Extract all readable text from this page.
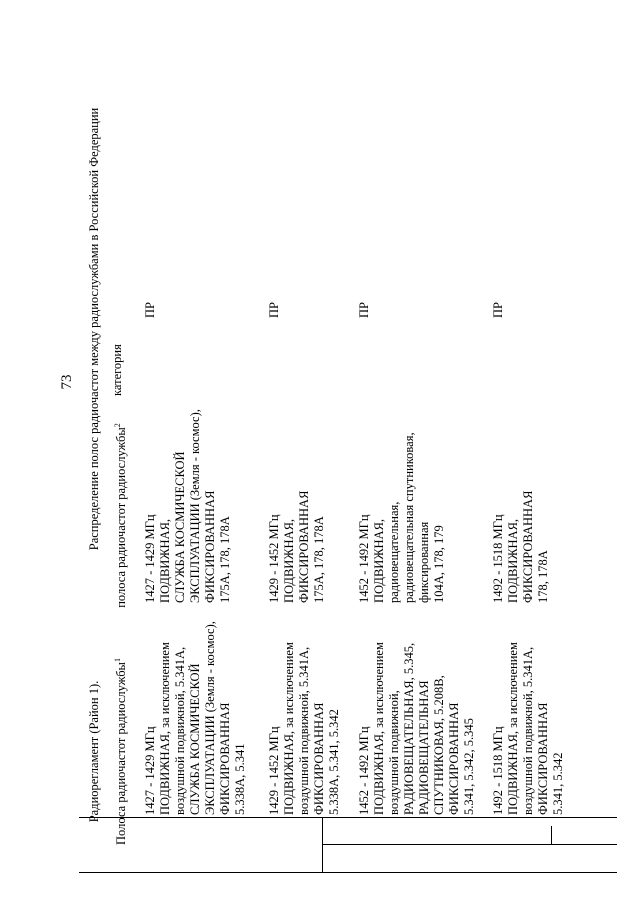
73
Радиорегламент (Район 1).	Полоса радиочастот радиослужбы$^1$
Распределение полос радиочастот между радиослужбами в Российской Федерации	полоса радиочастот радиослужбы$^2$
категория
1427 - 1429 МГц
ПОДВИЖНАЯ, за исключением
воздушной подвижной, 5.341А,
СЛУЖБА КОСМИЧЕСКОЙ
ЭКСПЛУАТАЦИИ (Земля - космос),
ФИКСИРОВАННАЯ
5.338А, 5.341
1427 - 1429 МГц
ПОДВИЖНАЯ,
СЛУЖБА КОСМИЧЕСКОЙ
ЭКСПЛУАТАЦИИ (Земля - космос),
ФИКСИРОВАННАЯ
175А, 178, 178А
ПР
1429 - 1452 МГц
ПОДВИЖНАЯ, за исключением
воздушной подвижной, 5.341А,
ФИКСИРОВАННАЯ
5.338А, 5.341, 5.342
1429 - 1452 МГц
ПОДВИЖНАЯ,
ФИКСИРОВАННАЯ
175А, 178, 178А
ПР
1452 - 1492 МГц
ПОДВИЖНАЯ, за исключением
воздушной подвижной,
РАДИОВЕЩАТЕЛЬНАЯ, 5.345,
РАДИОВЕЩАТЕЛЬНАЯ
СПУТНИКОВАЯ, 5.208В,
ФИКСИРОВАННАЯ
5.341, 5.342, 5.345
1452 - 1492 МГц
ПОДВИЖНАЯ,
радиовещательная,
радиовещательная спутниковая,
фиксированная
104А, 178, 179
ПР
1492 - 1518 МГц
ПОДВИЖНАЯ, за исключением
воздушной подвижной, 5.341А,
ФИКСИРОВАННАЯ
5.341, 5.342
1492 - 1518 МГц
ПОДВИЖНАЯ,
ФИКСИРОВАННАЯ
178, 178А
ПР
